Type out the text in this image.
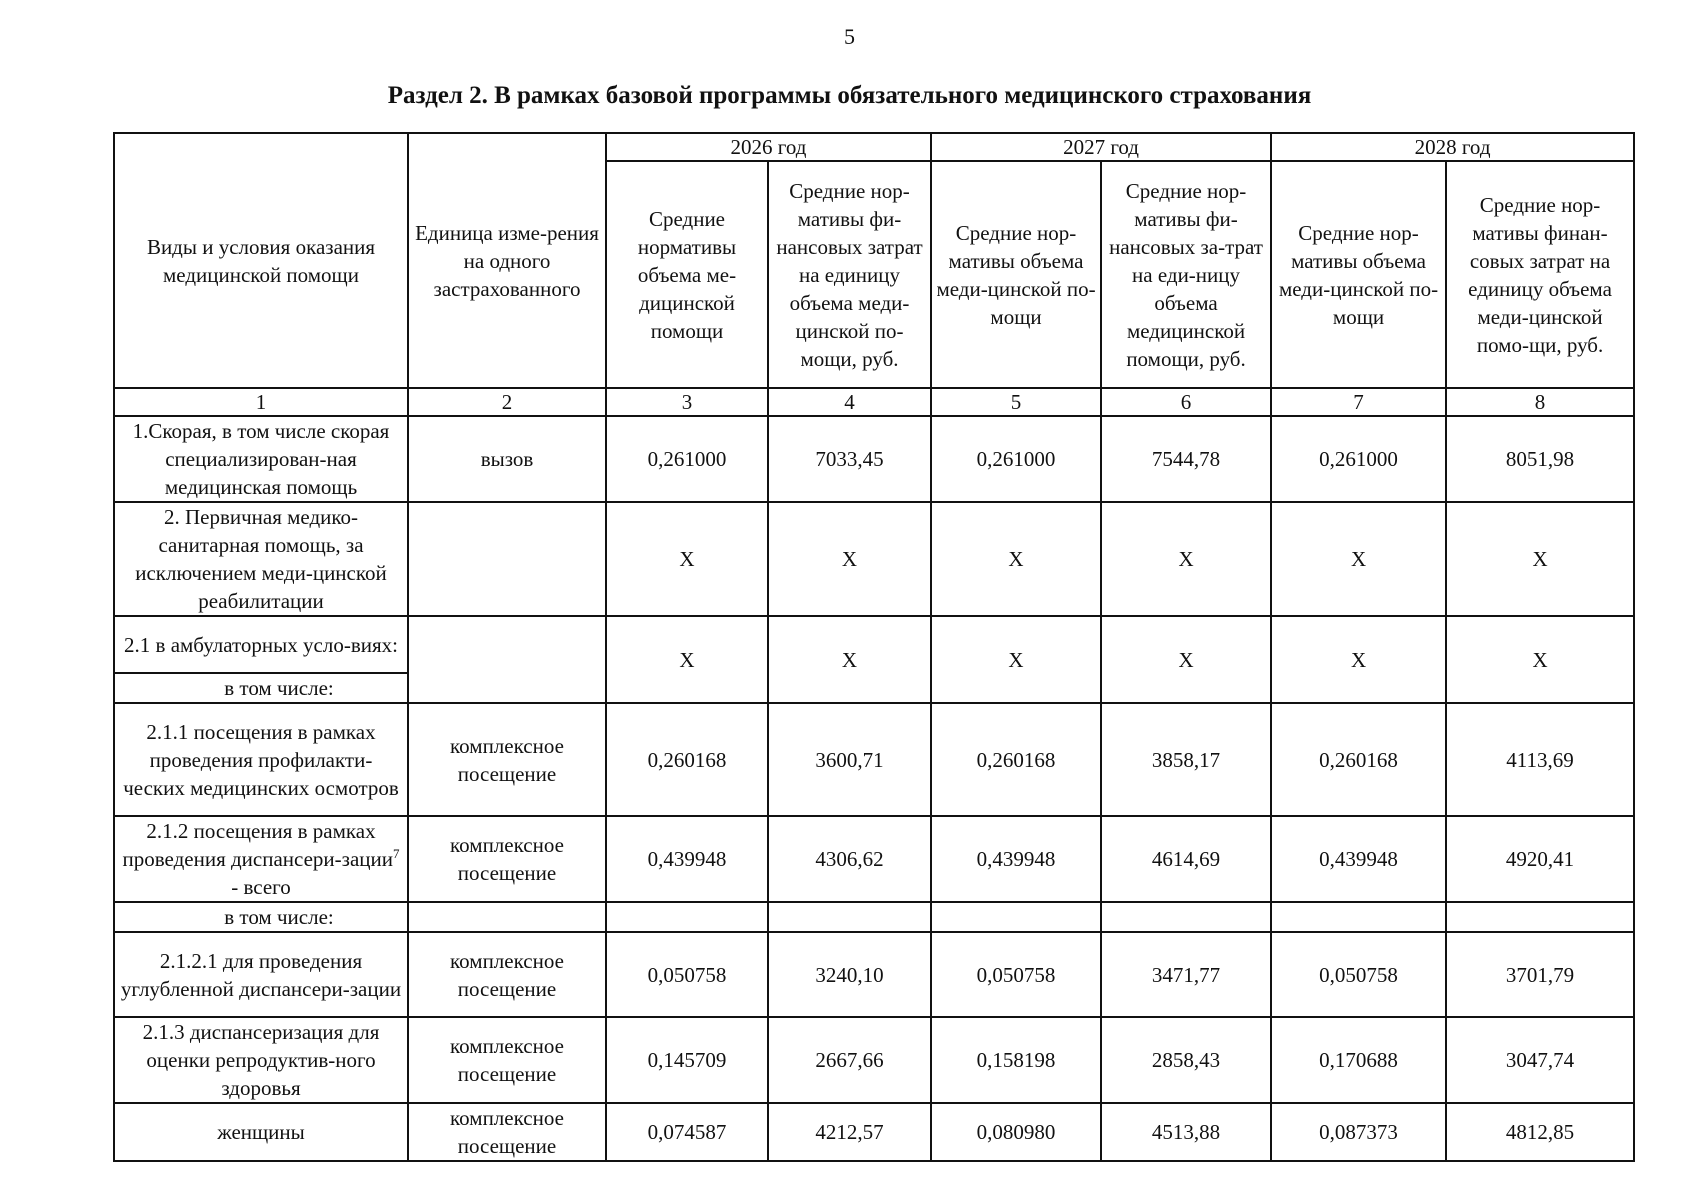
5
Раздел 2. В рамках базовой программы обязательного медицинского страхования
Виды и условия оказания медицинской помощи	Единица изме-рения на одного застрахованного	2026 год		2027 год		2028 год	
		Средние нормативы объема ме-дицинской помощи	Средние нор-мативы фи-нансовых затрат на единицу объема меди-цинской по-мощи, руб.	Средние нор-мативы объема меди-цинской по-мощи	Средние нор-мативы фи-нансовых за-трат на еди-ницу объема медицинской помощи, руб.	Средние нор-мативы объема меди-цинской по-мощи	Средние нор-мативы финан-совых затрат на единицу объема меди-цинской помо-щи, руб.
1	2	3	4	5	6	7	8
1.Скорая, в том числе скорая специализирован-ная медицинская помощь	вызов	0,261000	7033,45	0,261000	7544,78	0,261000	8051,98
2. Первичная медико-санитарная помощь, за исключением меди-цинской реабилитации		X	X	X	X	X	X
2.1 в амбулаторных усло-виях:		X	X	X	X	X	X
в том числе:							
2.1.1 посещения в рамках проведения профилакти-ческих медицинских осмотров	комплексное посещение	0,260168	3600,71	0,260168	3858,17	0,260168	4113,69
2.1.2 посещения в рамках проведения диспансери-зации$^7$ - всего	комплексное посещение	0,439948	4306,62	0,439948	4614,69	0,439948	4920,41
в том числе:							
2.1.2.1 для проведения углубленной диспансери-зации	комплексное посещение	0,050758	3240,10	0,050758	3471,77	0,050758	3701,79
2.1.3 диспансеризация для оценки репродуктив-ного здоровья	комплексное посещение	0,145709	2667,66	0,158198	2858,43	0,170688	3047,74
женщины	комплексное посещение	0,074587	4212,57	0,080980	4513,88	0,087373	4812,85
